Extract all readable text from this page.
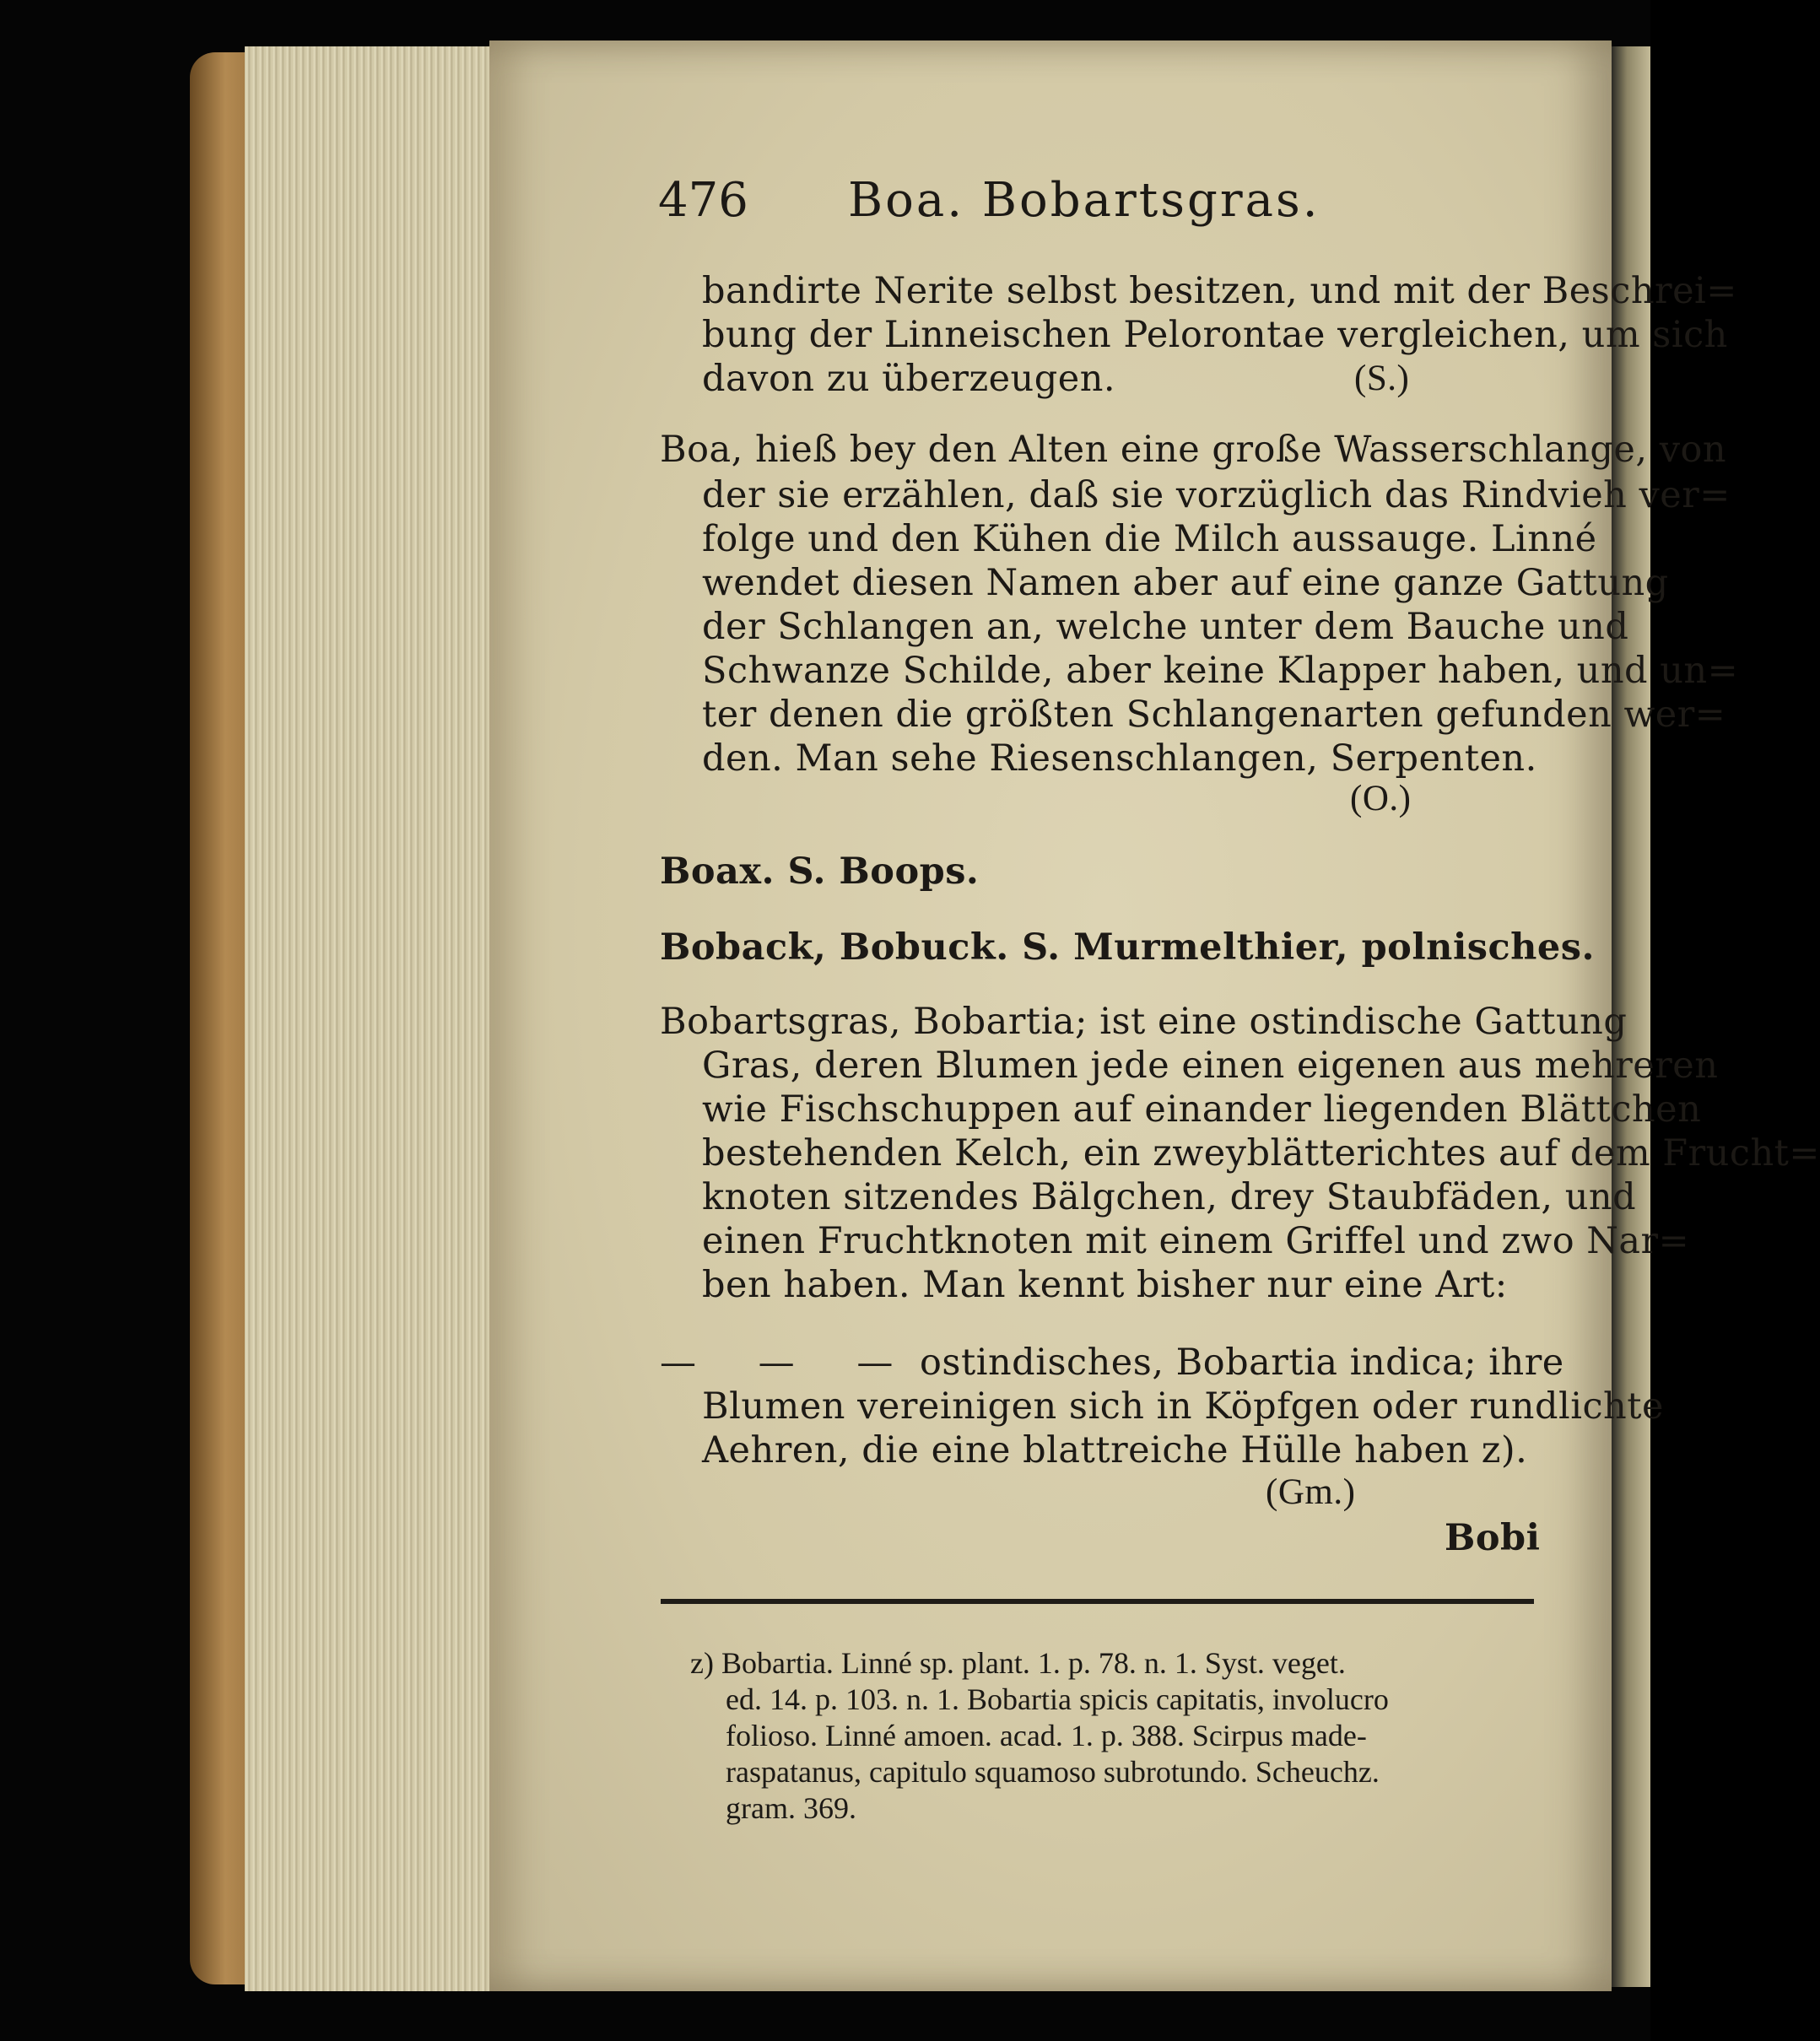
476 Boa. Bobartsgras.
bandirte Nerite selbst besitzen, und mit der Beschrei=
bung der Linneischen Pelorontae vergleichen, um sich
davon zu überzeugen.	(S.)
Boa, hieß bey den Alten eine große Wasserschlange, von
der sie erzählen, daß sie vorzüglich das Rindvieh ver=
folge und den Kühen die Milch aussauge. Linné
wendet diesen Namen aber auf eine ganze Gattung
der Schlangen an, welche unter dem Bauche und
Schwanze Schilde, aber keine Klapper haben, und un=
ter denen die größten Schlangenarten gefunden wer=
den. Man sehe Riesenschlangen, Serpenten.
(O.)
Boax. S. Boops.
Boback, Bobuck. S. Murmelthier, polnisches.
Bobartsgras, Bobartia; ist eine ostindische Gattung
Gras, deren Blumen jede einen eigenen aus mehreren
wie Fischschuppen auf einander liegenden Blättchen
bestehenden Kelch, ein zweyblätterichtes auf dem Frucht=
knoten sitzendes Bälgchen, drey Staubfäden, und
einen Fruchtknoten mit einem Griffel und zwo Nar=
ben haben. Man kennt bisher nur eine Art:
— — — ostindisches, Bobartia indica; ihre
Blumen vereinigen sich in Köpfgen oder rundlichte
Aehren, die eine blattreiche Hülle haben z).
(Gm.)
Bobi
z) Bobartia. Linné sp. plant. 1. p. 78. n. 1. Syst. veget.
ed. 14. p. 103. n. 1. Bobartia spicis capitatis, involucro
folioso. Linné amoen. acad. 1. p. 388. Scirpus made-
raspatanus, capitulo squamoso subrotundo. Scheuchz.
gram. 369.
